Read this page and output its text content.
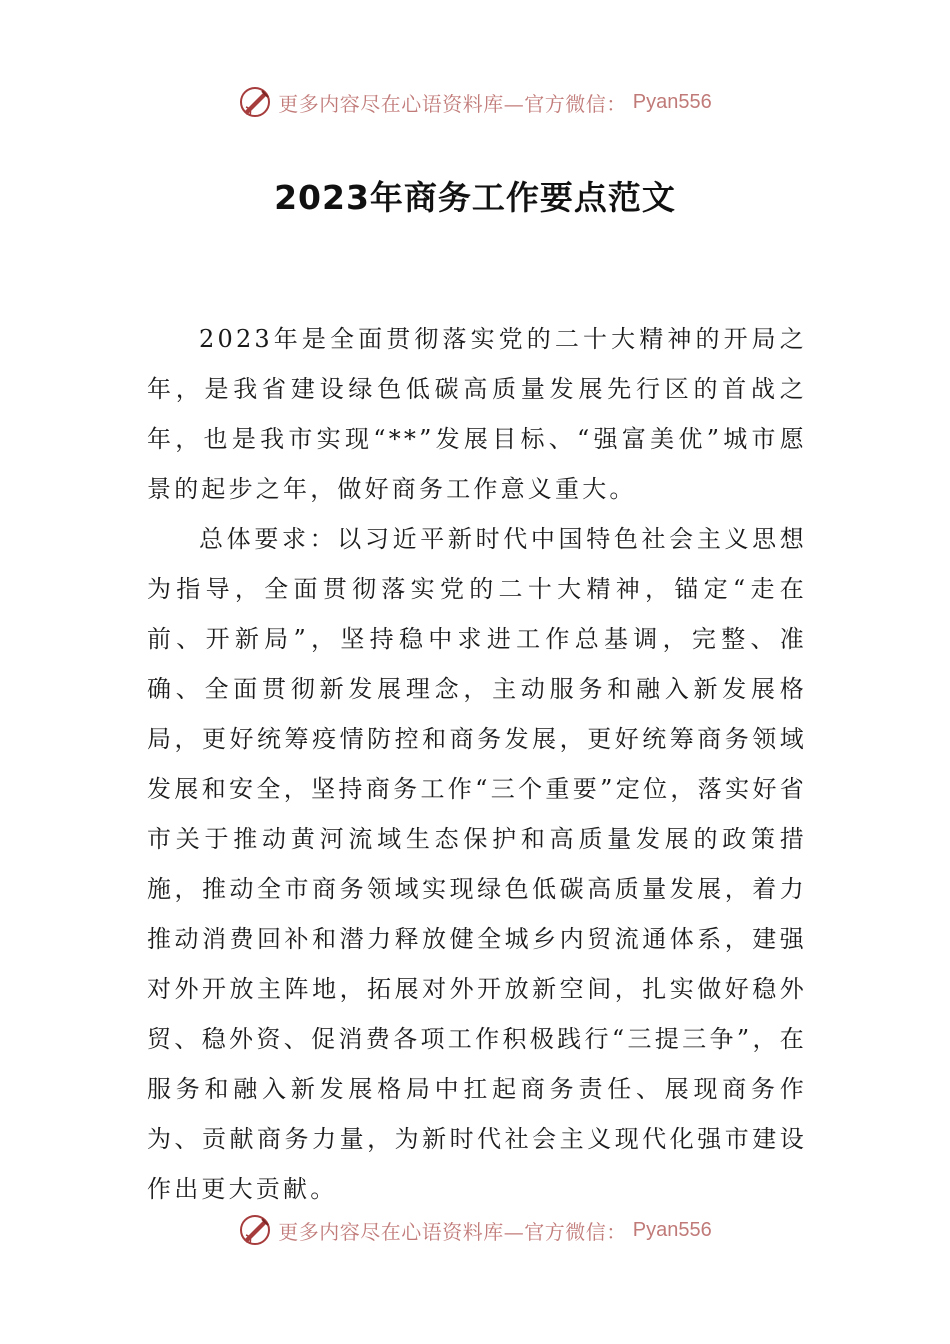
更多内容尽在心语资料库—官方微信： Pyan556
2023年商务工作要点范文

2023年是全面贯彻落实党的二十大精神的开局之年，是我省建设绿色低碳高质量发展先行区的首战之年，也是我市实现“**”发展目标、“强富美优”城市愿景的起步之年，做好商务工作意义重大。

总体要求：以习近平新时代中国特色社会主义思想为指导，全面贯彻落实党的二十大精神，锚定“走在前、开新局”，坚持稳中求进工作总基调，完整、准确、全面贯彻新发展理念，主动服务和融入新发展格局，更好统筹疫情防控和商务发展，更好统筹商务领域发展和安全，坚持商务工作“三个重要”定位，落实好省市关于推动黄河流域生态保护和高质量发展的政策措施，推动全市商务领域实现绿色低碳高质量发展，着力推动消费回补和潜力释放健全城乡内贸流通体系，建强对外开放主阵地，拓展对外开放新空间，扎实做好稳外贸、稳外资、促消费各项工作积极践行“三提三争”，在服务和融入新发展格局中扛起商务责任、展现商务作为、贡献商务力量，为新时代社会主义现代化强市建设作出更大贡献。

更多内容尽在心语资料库—官方微信： Pyan556
